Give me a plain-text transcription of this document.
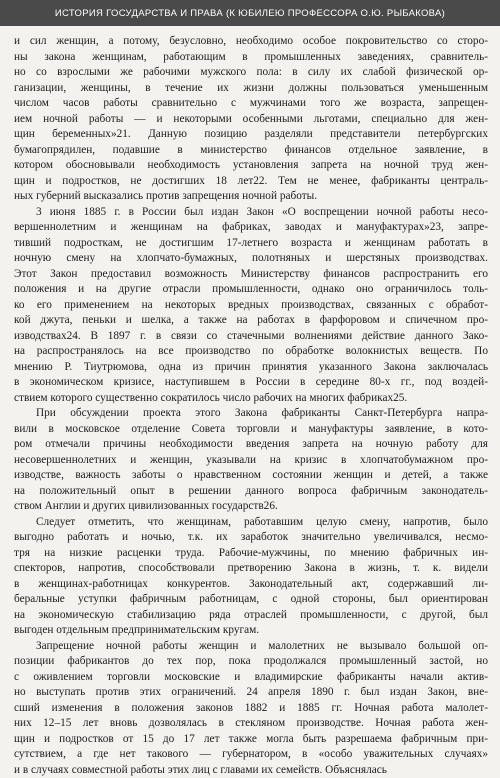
ИСТОРИЯ ГОСУДАРСТВА И ПРАВА (К ЮБИЛЕЮ ПРОФЕССОРА О.Ю. РЫБАКОВА)
и сил женщин, а потому, безусловно, необходимо особое покровительство со сторо-
ны закона женщинам, работающим в промышленных заведениях, сравнитель-
но со взрослыми же рабочими мужского пола: в силу их слабой физической ор-
ганизации, женщины, в течение их жизни должны пользоваться уменьшенным
числом часов работы сравнительно с мужчинами того же возраста, запрещен-
ием ночной работы — и некоторыми особенными льготами, специально для жен-
щин беременных»21. Данную позицию разделяли представители петербургских
бумагопрядилен, подавшие в министерство финансов отдельное заявление, в
котором обосновывали необходимость установления запрета на ночной труд жен-
щин и подростков, не достигших 18 лет22. Тем не менее, фабриканты централь-
ных губерний высказались против запрещения ночной работы.
3 июня 1885 г. в России был издан Закон «О воспрещении ночной работы несо-
вершеннолетним и женщинам на фабриках, заводах и мануфактурах»23, запре-
тивший подросткам, не достигшим 17-летнего возраста и женщинам работать в
ночную смену на хлопчато-бумажных, полотняных и шерстяных производствах.
Этот Закон предоставил возможность Министерству финансов распространить его
положения и на другие отрасли промышленности, однако оно ограничилось толь-
ко его применением на некоторых вредных производствах, связанных с обработ-
кой джута, пеньки и шелка, а также на работах в фарфоровом и спичечном про-
изводствах24. В 1897 г. в связи со стачечными волнениями действие данного Зако-
на распространялось на все производство по обработке волокнистых веществ. По
мнению Р. Тиутрюмова, одна из причин принятия указанного Закона заключалась
в экономическом кризисе, наступившем в России в середине 80-х гг., под воздей-
ствием которого существенно сократилось число рабочих на многих фабриках25.
При обсуждении проекта этого Закона фабриканты Санкт-Петербурга напра-
вили в московское отделение Совета торговли и мануфактуры заявление, в кото-
ром отмечали причины необходимости введения запрета на ночную работу для
несовершеннолетних и женщин, указывали на кризис в хлопчатобумажном про-
изводстве, важность заботы о нравственном состоянии женщин и детей, а также
на положительный опыт в решении данного вопроса фабричным законодатель-
ством Англии и других цивилизованных государств26.
Следует отметить, что женщинам, работавшим целую смену, напротив, было
выгодно работать и ночью, т.к. их заработок значительно увеличивался, несмо-
тря на низкие расценки труда. Рабочие-мужчины, по мнению фабричных ин-
спекторов, напротив, способствовали претворению Закона в жизнь, т. к. видели
в женщинах-работницах конкурентов. Законодательный акт, содержавший ли-
беральные уступки фабричным работницам, с одной стороны, был ориентирован
на экономическую стабилизацию ряда отраслей промышленности, с другой, был
выгоден отдельным предпринимательским кругам.
Запрещение ночной работы женщин и малолетних не вызывало большой оп-
позиции фабрикантов до тех пор, пока продолжался промышленный застой, но
с оживлением торговли московские и владимирские фабриканты начали актив-
но выступать против этих ограничений. 24 апреля 1890 г. был издан Закон, вне-
сший изменения в положения законов 1882 и 1885 гг. Ночная работа малолет-
них 12–15 лет вновь дозволялась в стекляном производстве. Ночная работа жен-
щин и подростков от 15 до 17 лет также могла быть разрешаема фабричным при-
сутствием, а где нет такового — губернатором, в «особо уважительных случаях»
и в случаях совместной работы этих лиц с главами их семейств. Объяснялась
